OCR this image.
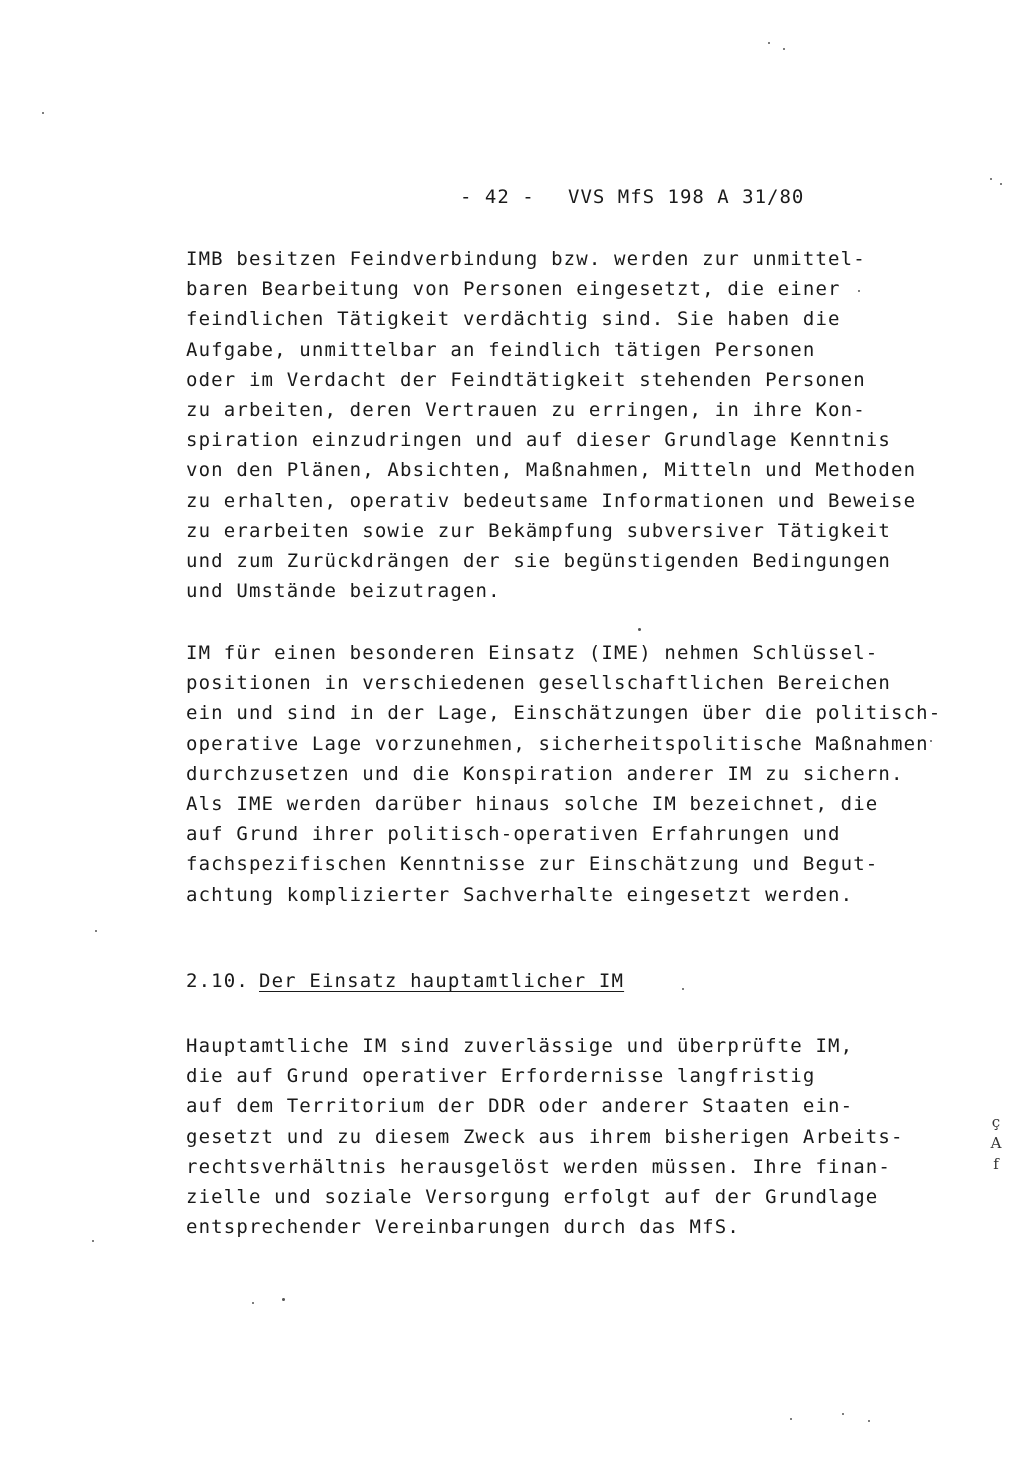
- 42 - VVS MfS 198 A 31/80
IMB besitzen Feindverbindung bzw. werden zur unmittel-
baren Bearbeitung von Personen eingesetzt, die einer
feindlichen Tätigkeit verdächtig sind. Sie haben die
Aufgabe, unmittelbar an feindlich tätigen Personen
oder im Verdacht der Feindtätigkeit stehenden Personen
zu arbeiten, deren Vertrauen zu erringen, in ihre Kon-
spiration einzudringen und auf dieser Grundlage Kenntnis
von den Plänen, Absichten, Maßnahmen, Mitteln und Methoden
zu erhalten, operativ bedeutsame Informationen und Beweise
zu erarbeiten sowie zur Bekämpfung subversiver Tätigkeit
und zum Zurückdrängen der sie begünstigenden Bedingungen
und Umstände beizutragen.
IM für einen besonderen Einsatz (IME) nehmen Schlüssel-
positionen in verschiedenen gesellschaftlichen Bereichen
ein und sind in der Lage, Einschätzungen über die politisch-
operative Lage vorzunehmen, sicherheitspolitische Maßnahmen
durchzusetzen und die Konspiration anderer IM zu sichern.
Als IME werden darüber hinaus solche IM bezeichnet, die
auf Grund ihrer politisch-operativen Erfahrungen und
fachspezifischen Kenntnisse zur Einschätzung und Begut-
achtung komplizierter Sachverhalte eingesetzt werden.
2.10. Der Einsatz hauptamtlicher IM
Hauptamtliche IM sind zuverlässige und überprüfte IM,
die auf Grund operativer Erfordernisse langfristig
auf dem Territorium der DDR oder anderer Staaten ein-
gesetzt und zu diesem Zweck aus ihrem bisherigen Arbeits-
rechtsverhältnis herausgelöst werden müssen. Ihre finan-
zielle und soziale Versorgung erfolgt auf der Grundlage
entsprechender Vereinbarungen durch das MfS.
ç
A
f
